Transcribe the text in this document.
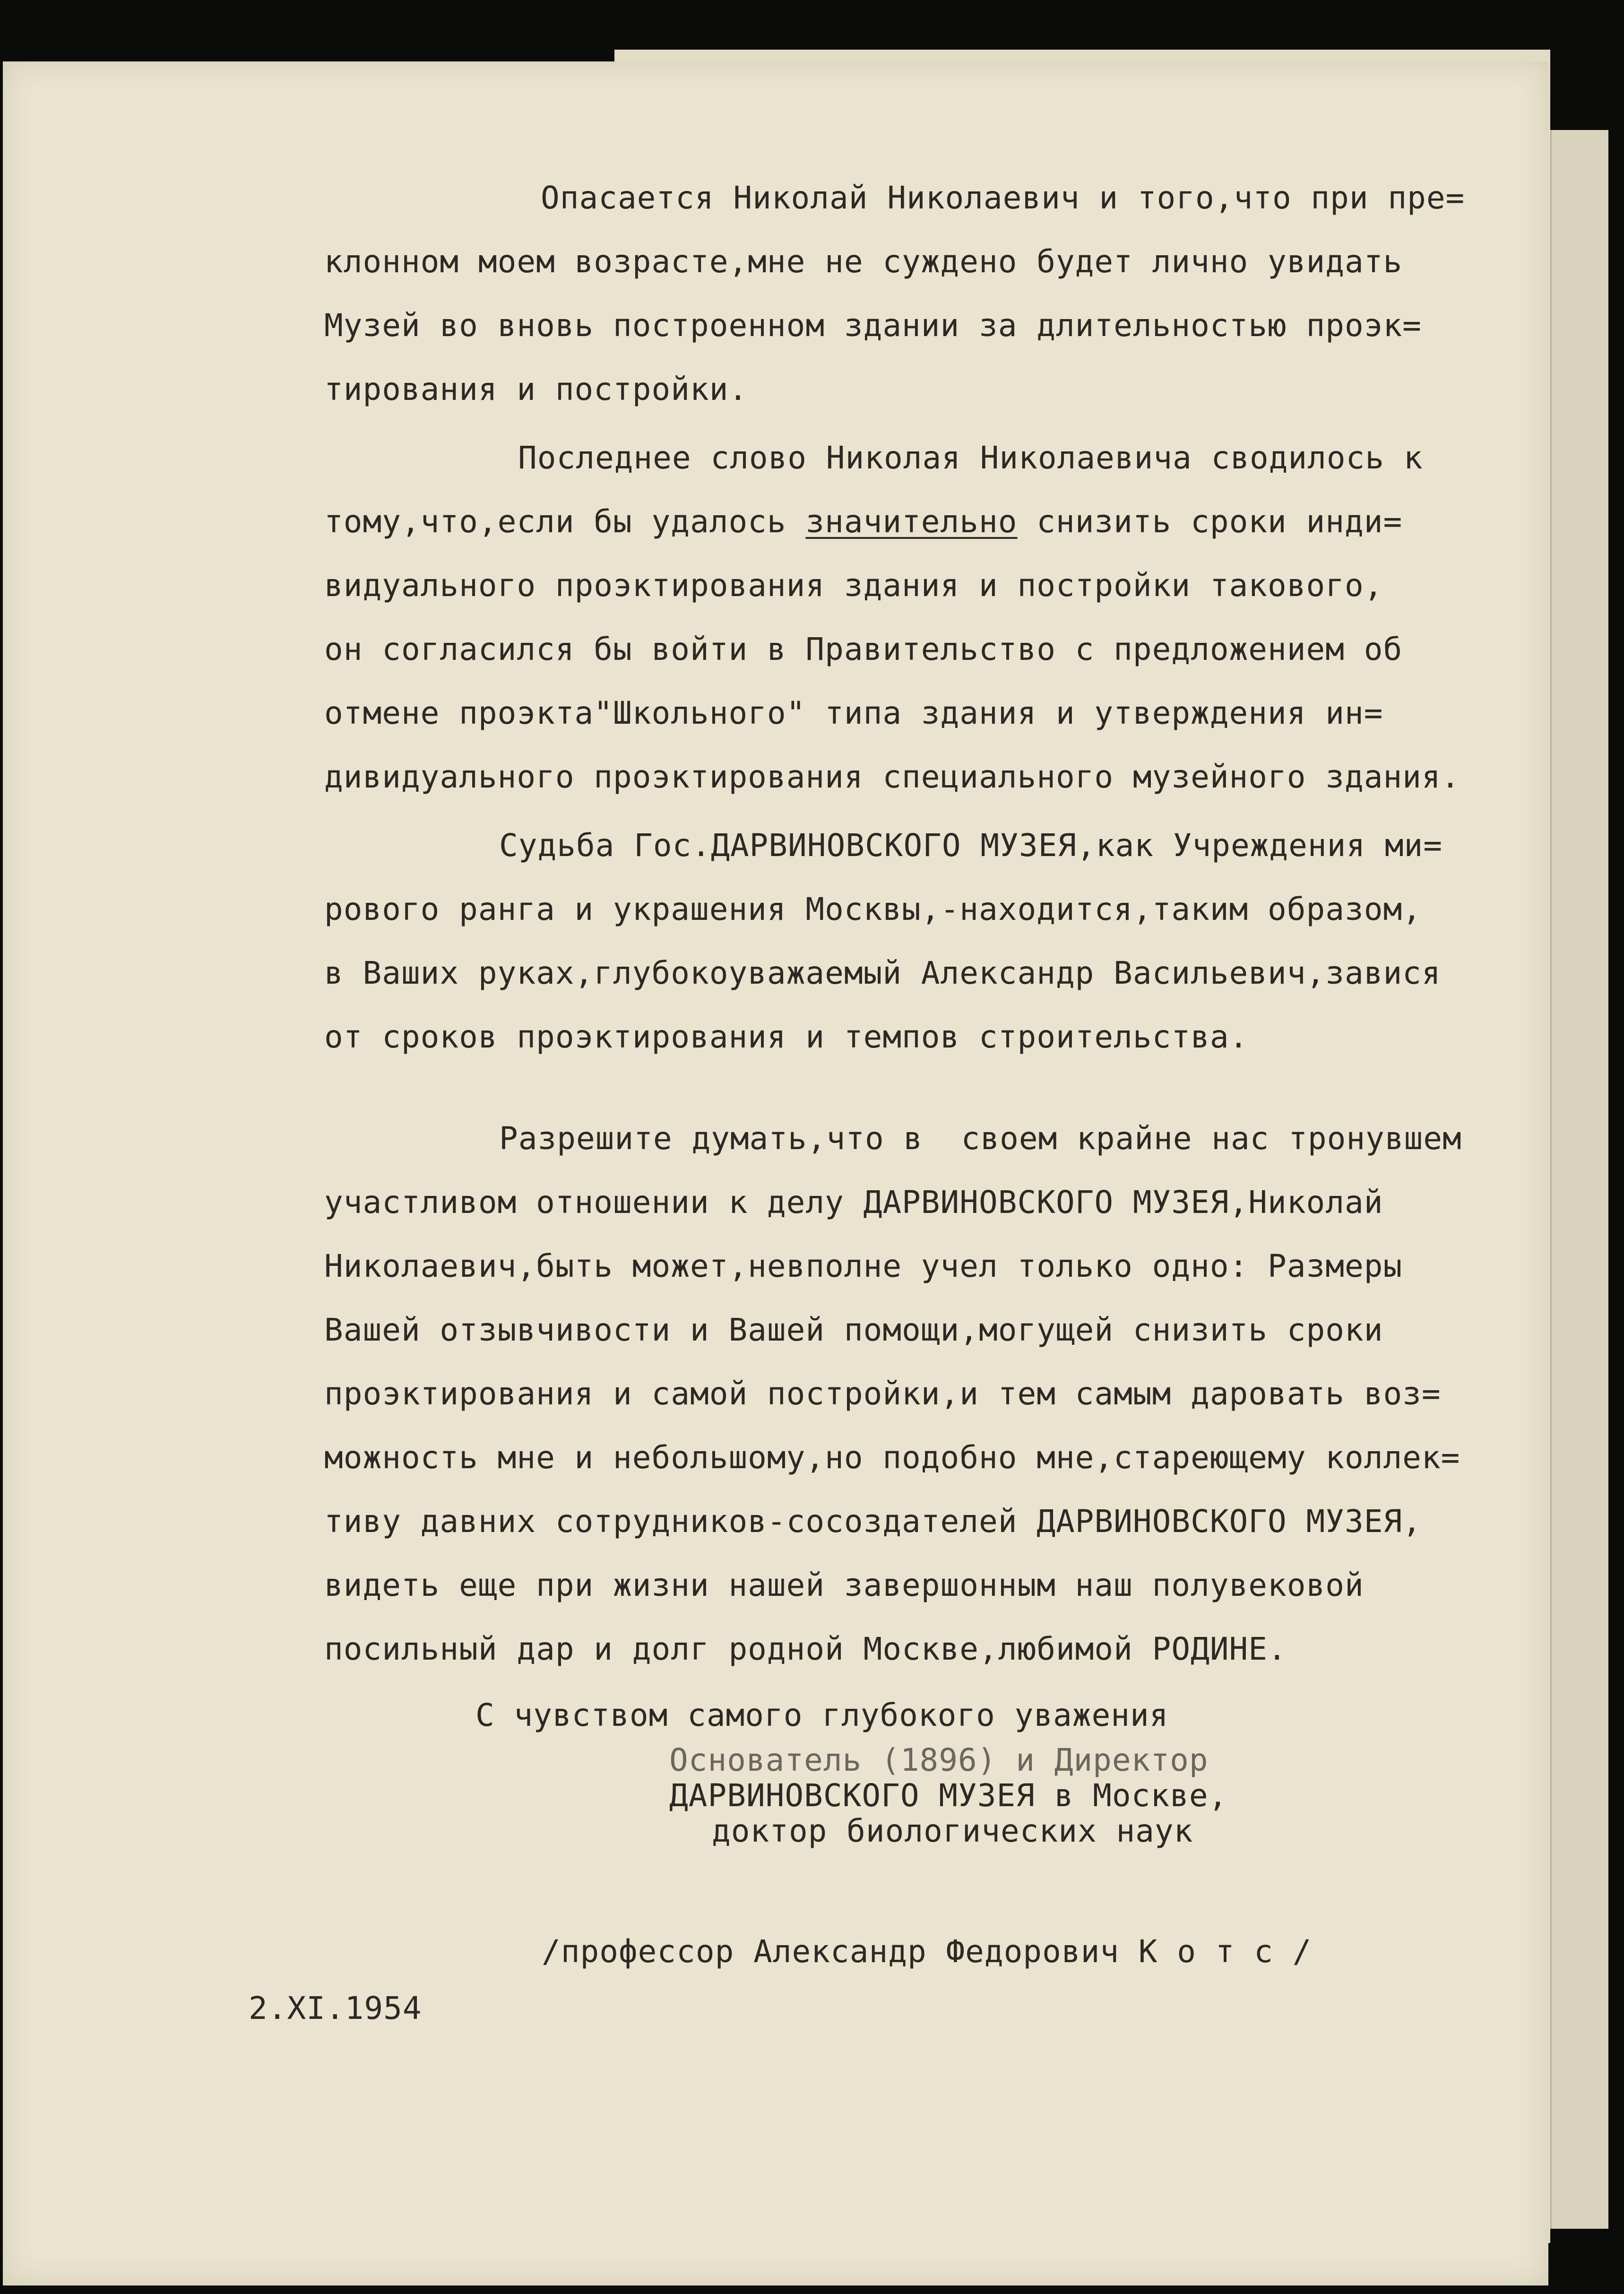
Опасается Николай Николаевич и того,что при пре=
клонном моем возрасте,мне не суждено будет лично увидать
Музей во вновь построенном здании за длительностью проэк=
тирования и постройки.
Последнее слово Николая Николаевича сводилось к
тому,что,если бы удалось значительно снизить сроки инди=
видуального проэктирования здания и постройки такового,
он согласился бы войти в Правительство с предложением об
отмене проэкта"Школьного" типа здания и утверждения ин=
дивидуального проэктирования специального музейного здания.
Судьба Гос.ДАРВИНОВСКОГО МУЗЕЯ,как Учреждения ми=
рового ранга и украшения Москвы,-находится,таким образом,
в Ваших руках,глубокоуважаемый Александр Васильевич,завися
от сроков проэктирования и темпов строительства.
Разрешите думать,что в  своем крайне нас тронувшем
участливом отношении к делу ДАРВИНОВСКОГО МУЗЕЯ,Николай
Николаевич,быть может,невполне учел только одно: Размеры
Вашей отзывчивости и Вашей помощи,могущей снизить сроки
проэктирования и самой постройки,и тем самым даровать воз=
можность мне и небольшому,но подобно мне,стареющему коллек=
тиву давних сотрудников-сосоздателей ДАРВИНОВСКОГО МУЗЕЯ,
видеть еще при жизни нашей завершонным наш полувековой
посильный дар и долг родной Москве,любимой РОДИНЕ.
С чувством самого глубокого уважения
Основатель (1896) и Директор
ДАРВИНОВСКОГО МУЗЕЯ в Москве,
доктор биологических наук
/профессор Александр Федорович К о т с /
2.XI.1954
